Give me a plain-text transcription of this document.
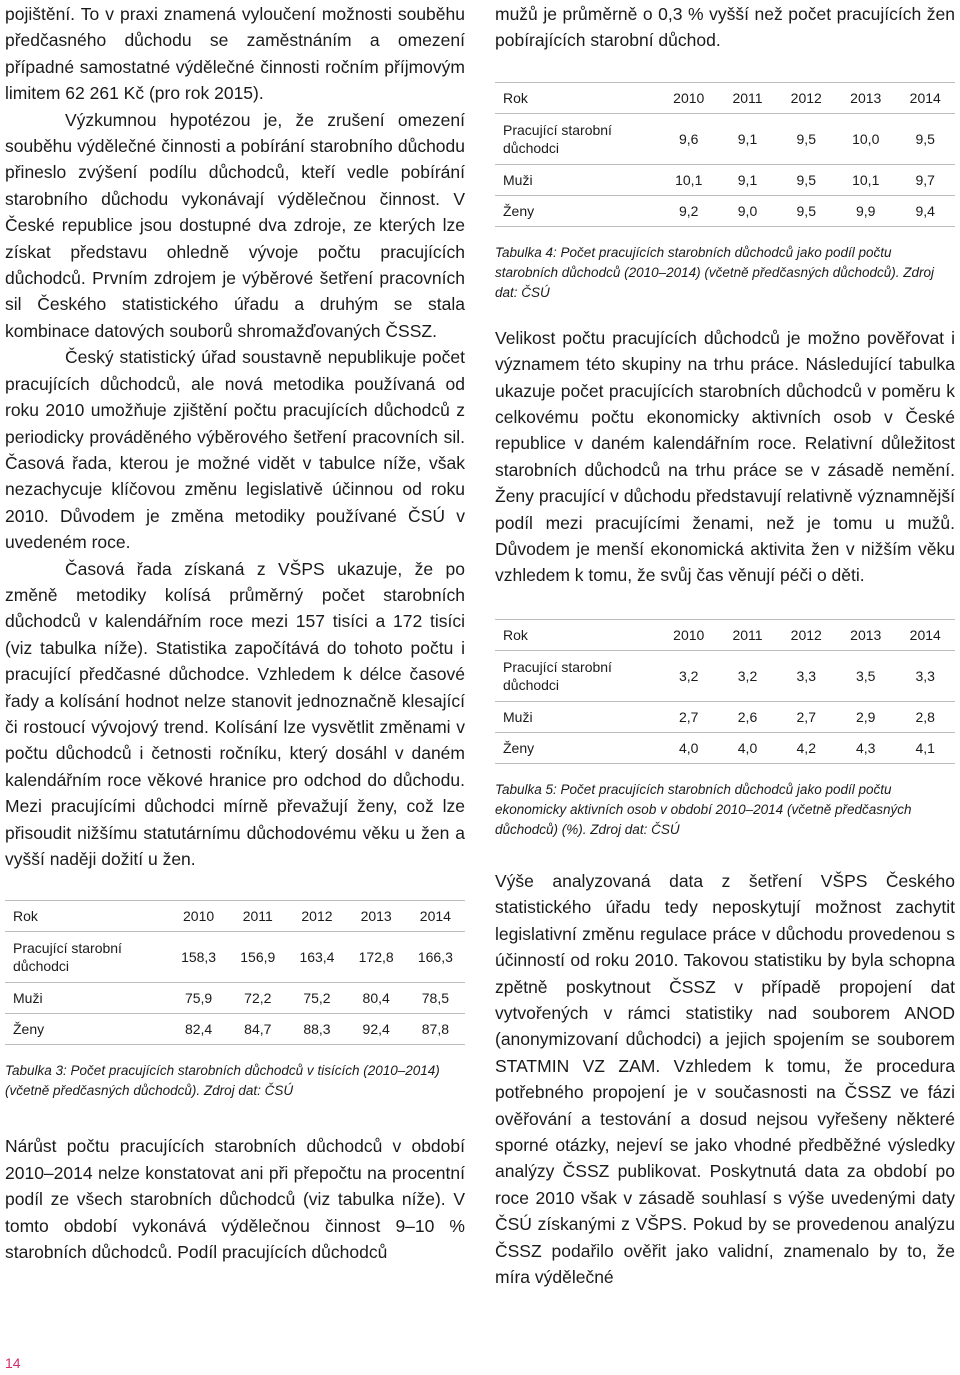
pojištění. To v praxi znamená vyloučení možnosti souběhu předčasného důchodu se zaměstnáním a omezení případné samostatné výdělečné činnosti ročním příjmovým limitem 62 261 Kč (pro rok 2015).

Výzkumnou hypotézou je, že zrušení omezení souběhu výdělečné činnosti a pobírání starobního důchodu přineslo zvýšení podílu důchodců, kteří vedle pobírání starobního důchodu vykonávají výdělečnou činnost. V České republice jsou dostupné dva zdroje, ze kterých lze získat představu ohledně vývoje počtu pracujících důchodců. Prvním zdrojem je výběrové šetření pracovních sil Českého statistického úřadu a druhým se stala kombinace datových souborů shromažďovaných ČSSZ.

Český statistický úřad soustavně nepublikuje počet pracujících důchodců, ale nová metodika používaná od roku 2010 umožňuje zjištění počtu pracujících důchodců z periodicky prováděného výběrového šetření pracovních sil. Časová řada, kterou je možné vidět v tabulce níže, však nezachycuje klíčovou změnu legislativě účinnou od roku 2010. Důvodem je změna metodiky používané ČSÚ v uvedeném roce.

Časová řada získaná z VŠPS ukazuje, že po změně metodiky kolísá průměrný počet starobních důchodců v kalendářním roce mezi 157 tisíci a 172 tisíci (viz tabulka níže). Statistika započítává do tohoto počtu i pracující předčasné důchodce. Vzhledem k délce časové řady a kolísání hodnot nelze stanovit jednoznačně klesající či rostoucí vývojový trend. Kolísání lze vysvětlit změnami v počtu důchodců i četnosti ročníku, který dosáhl v daném kalendářním roce věkové hranice pro odchod do důchodu. Mezi pracujícími důchodci mírně převažují ženy, což lze přisoudit nižšímu statutárnímu důchodovému věku u žen a vyšší naději dožití u žen.

Rok	2010	2011	2012	2013	2014
Pracující starobní důchodci	158,3	156,9	163,4	172,8	166,3
Muži	75,9	72,2	75,2	80,4	78,5
Ženy	82,4	84,7	88,3	92,4	87,8
Tabulka 3: Počet pracujících starobních důchodců v tisících (2010–2014) (včetně předčasných důchodců). Zdroj dat: ČSÚ

Nárůst počtu pracujících starobních důchodců v období 2010–2014 nelze konstatovat ani při přepočtu na procentní podíl ze všech starobních důchodců (viz tabulka níže). V tomto období vykonává výdělečnou činnost 9–10 % starobních důchodců. Podíl pracujících důchodců

mužů je průměrně o 0,3 % vyšší než počet pracujících žen pobírajících starobní důchod.

Rok	2010	2011	2012	2013	2014
Pracující starobní důchodci	9,6	9,1	9,5	10,0	9,5
Muži	10,1	9,1	9,5	10,1	9,7
Ženy	9,2	9,0	9,5	9,9	9,4
Tabulka 4: Počet pracujících starobních důchodců jako podíl počtu starobních důchodců (2010–2014) (včetně předčasných důchodců). Zdroj dat: ČSÚ

Velikost počtu pracujících důchodců je možno pověřovat i významem této skupiny na trhu práce. Následující tabulka ukazuje počet pracujících starobních důchodců v poměru k celkovému počtu ekonomicky aktivních osob v České republice v daném kalendářním roce. Relativní důležitost starobních důchodců na trhu práce se v zásadě nemění. Ženy pracující v důchodu představují relativně významnější podíl mezi pracujícími ženami, než je tomu u mužů. Důvodem je menší ekonomická aktivita žen v nižším věku vzhledem k tomu, že svůj čas věnují péči o děti.

Rok	2010	2011	2012	2013	2014
Pracující starobní důchodci	3,2	3,2	3,3	3,5	3,3
Muži	2,7	2,6	2,7	2,9	2,8
Ženy	4,0	4,0	4,2	4,3	4,1
Tabulka 5: Počet pracujících starobních důchodců jako podíl počtu ekonomicky aktivních osob v období 2010–2014 (včetně předčasných důchodců) (%). Zdroj dat: ČSÚ

Výše analyzovaná data z šetření VŠPS Českého statistického úřadu tedy neposkytují možnost zachytit legislativní změnu regulace práce v důchodu provedenou s účinností od roku 2010. Takovou statistiku by byla schopna zpětně poskytnout ČSSZ v případě propojení dat vytvořených v rámci statistiky nad souborem ANOD (anonymizovaní důchodci) a jejich spojením se souborem STATMIN VZ ZAM. Vzhledem k tomu, že procedura potřebného propojení je v současnosti na ČSSZ ve fázi ověřování a testování a dosud nejsou vyřešeny některé sporné otázky, nejeví se jako vhodné předběžné výsledky analýzy ČSSZ publikovat. Poskytnutá data za období po roce 2010 však v zásadě souhlasí s výše uvedenými daty ČSÚ získanými z VŠPS. Pokud by se provedenou analýzu ČSSZ podařilo ověřit jako validní, znamenalo by to, že míra výdělečné

14
